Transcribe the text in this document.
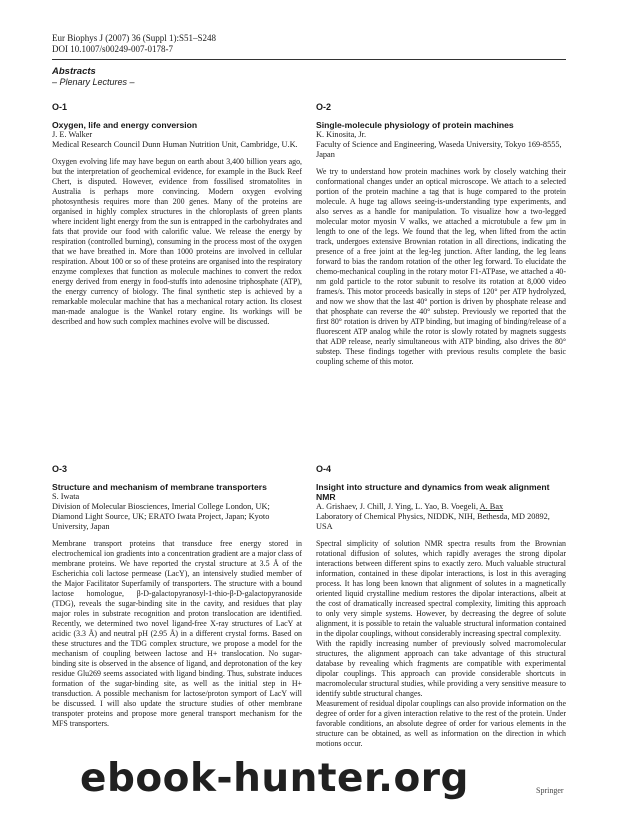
Eur Biophys J (2007) 36 (Suppl 1):S51–S248
DOI 10.1007/s00249-007-0178-7
Abstracts
– Plenary Lectures –
O-1
Oxygen, life and energy conversion
J. E. Walker
Medical Research Council Dunn Human Nutrition Unit, Cambridge, U.K.

Oxygen evolving life may have begun on earth about 3,400 billion years ago, but the interpretation of geochemical evidence, for example in the Buck Reef Chert, is disputed. However, evidence from fossilised stromatolites in Australia is perhaps more convincing. Modern oxygen evolving photosynthesis requires more than 200 genes. Many of the proteins are organised in highly complex structures in the chloroplasts of green plants where incident light energy from the sun is entrapped in the carbohydrates and fats that provide our food with calorific value. We release the energy by respiration (controlled burning), consuming in the process most of the oxygen that we have breathed in. More than 1000 proteins are involved in cellular respiration. About 100 or so of these proteins are organised into the respiratory enzyme complexes that function as molecule machines to convert the redox energy derived from energy in food-stuffs into adenosine triphosphate (ATP), the energy currency of biology. The final synthetic step is achieved by a remarkable molecular machine that has a mechanical rotary action. Its closest man-made analogue is the Wankel rotary engine. Its workings will be described and how such complex machines evolve will be discussed.

O-2
Single-molecule physiology of protein machines
K. Kinosita, Jr.
Faculty of Science and Engineering, Waseda University, Tokyo 169-8555, Japan

We try to understand how protein machines work by closely watching their conformational changes under an optical microscope. We attach to a selected portion of the protein machine a tag that is huge compared to the protein molecule. A huge tag allows seeing-is-understanding type experiments, and also serves as a handle for manipulation. To visualize how a two-legged molecular motor myosin V walks, we attached a microtubule a few μm in length to one of the legs. We found that the leg, when lifted from the actin track, undergoes extensive Brownian rotation in all directions, indicating the presence of a free joint at the leg-leg junction. After landing, the leg leans forward to bias the random rotation of the other leg forward. To elucidate the chemo-mechanical coupling in the rotary motor F1-ATPase, we attached a 40-nm gold particle to the rotor subunit to resolve its rotation at 8,000 video frames/s. This motor proceeds basically in steps of 120° per ATP hydrolyzed, and now we show that the last 40° portion is driven by phosphate release and that phosphate can reverse the 40° substep. Previously we reported that the first 80° rotation is driven by ATP binding, but imaging of binding/release of a fluorescent ATP analog while the rotor is slowly rotated by magnets suggests that ADP release, nearly simultaneous with ATP binding, also drives the 80° substep. These findings together with previous results complete the basic coupling scheme of this motor.

O-3
Structure and mechanism of membrane transporters
S. Iwata
Division of Molecular Biosciences, Imerial College London, UK; Diamond Light Source, UK; ERATO Iwata Project, Japan; Kyoto University, Japan

Membrane transport proteins that transduce free energy stored in electrochemical ion gradients into a concentration gradient are a major class of membrane proteins. We have reported the crystal structure at 3.5 Å of the Escherichia coli lactose permease (LacY), an intensively studied member of the Major Facilitator Superfamily of transporters. The structure with a bound lactose homologue, β-D-galactopyranosyl-1-thio-β-D-galactopyranoside (TDG), reveals the sugar-binding site in the cavity, and residues that play major roles in substrate recognition and proton translocation are identified. Recently, we determined two novel ligand-free X-ray structures of LacY at acidic (3.3 Å) and neutral pH (2.95 Å) in a different crystal forms. Based on these structures and the TDG complex structure, we propose a model for the mechanism of coupling between lactose and H+ translocation. No sugar-binding site is observed in the absence of ligand, and deprotonation of the key residue Glu269 seems associated with ligand binding. Thus, substrate induces formation of the sugar-binding site, as well as the initial step in H+ transduction. A possible mechanism for lactose/proton symport of LacY will be discussed. I will also update the structure studies of other membrane transpoter proteins and propose more general transport mechanism for the MFS transporters.

O-4
Insight into structure and dynamics from weak alignment NMR
A. Grishaev, J. Chill, J. Ying, L. Yao, B. Voegeli, A. Bax
Laboratory of Chemical Physics, NIDDK, NIH, Bethesda, MD 20892, USA

Spectral simplicity of solution NMR spectra results from the Brownian rotational diffusion of solutes, which rapidly averages the strong dipolar interactions between different spins to exactly zero. Much valuable structural information, contained in these dipolar interactions, is lost in this averaging process. It has long been known that alignment of solutes in a magnetically oriented liquid crystalline medium restores the dipolar interactions, albeit at the cost of dramatically increased spectral complexity, limiting this approach to only very simple systems. However, by decreasing the degree of solute alignment, it is possible to retain the valuable structural information contained in the dipolar couplings, without considerably increasing spectral complexity.

With the rapidly increasing number of previously solved macromolecular structures, the alignment approach can take advantage of this structural database by revealing which fragments are compatible with experimental dipolar couplings. This approach can provide considerable shortcuts in macromolecular structural studies, while providing a very sensitive measure to identify subtle structural changes.

Measurement of residual dipolar couplings can also provide information on the degree of order for a given interaction relative to the rest of the protein. Under favorable conditions, an absolute degree of order for various elements in the structure can be obtained, as well as information on the direction in which motions occur.

ebook-hunter.org	Springer
